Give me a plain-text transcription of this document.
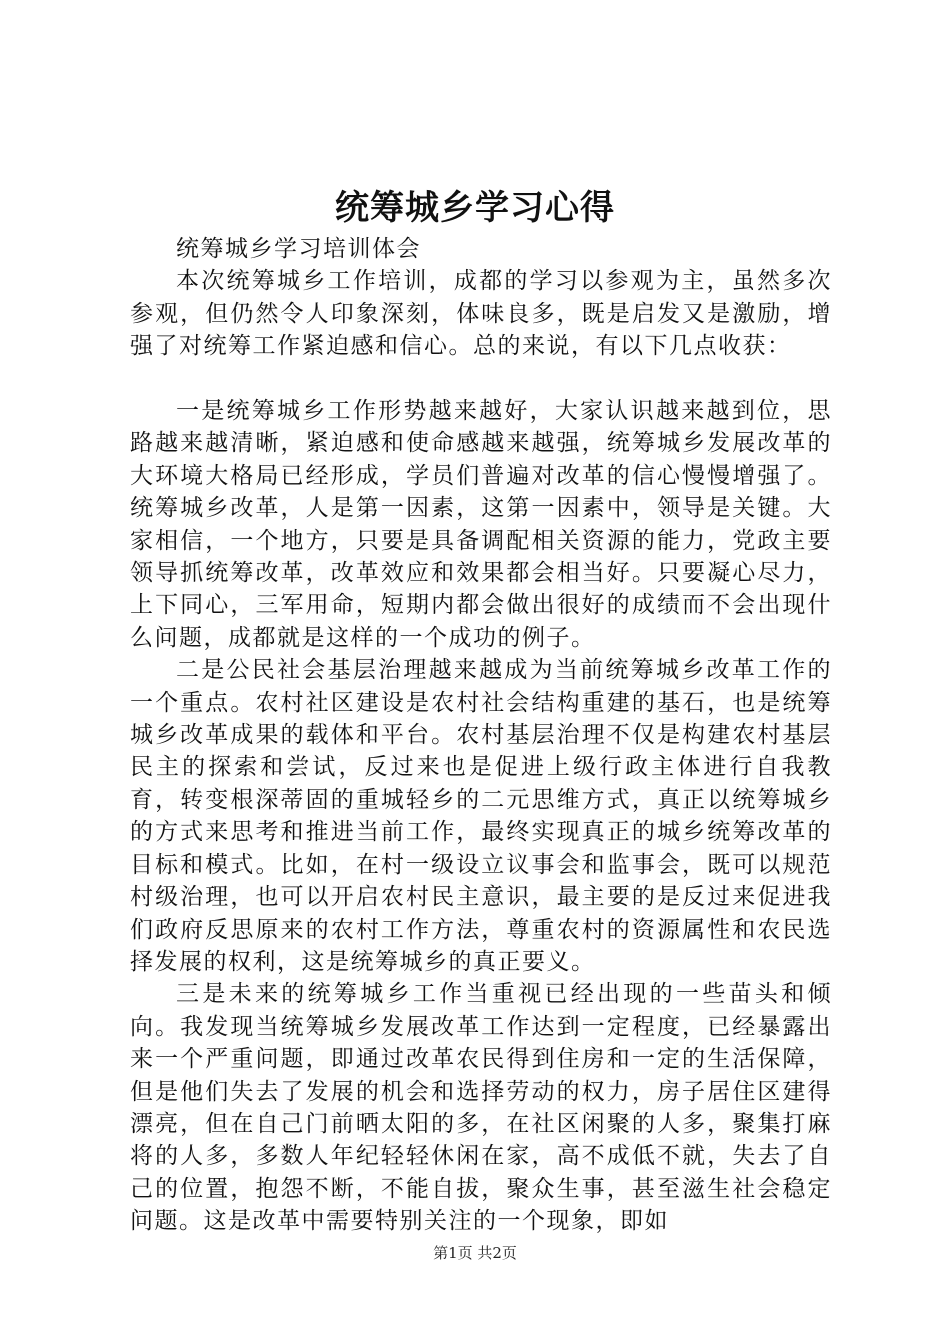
统筹城乡学习心得

统筹城乡学习培训体会

本次统筹城乡工作培训，成都的学习以参观为主，虽然多次参观，但仍然令人印象深刻，体味良多，既是启发又是激励，增强了对统筹工作紧迫感和信心。总的来说，有以下几点收获：

一是统筹城乡工作形势越来越好，大家认识越来越到位，思路越来越清晰，紧迫感和使命感越来越强，统筹城乡发展改革的大环境大格局已经形成，学员们普遍对改革的信心慢慢增强了。统筹城乡改革，人是第一因素，这第一因素中，领导是关键。大家相信，一个地方，只要是具备调配相关资源的能力，党政主要领导抓统筹改革，改革效应和效果都会相当好。只要凝心尽力，上下同心，三军用命，短期内都会做出很好的成绩而不会出现什么问题，成都就是这样的一个成功的例子。

二是公民社会基层治理越来越成为当前统筹城乡改革工作的一个重点。农村社区建设是农村社会结构重建的基石，也是统筹城乡改革成果的载体和平台。农村基层治理不仅是构建农村基层民主的探索和尝试，反过来也是促进上级行政主体进行自我教育，转变根深蒂固的重城轻乡的二元思维方式，真正以统筹城乡的方式来思考和推进当前工作，最终实现真正的城乡统筹改革的目标和模式。比如，在村一级设立议事会和监事会，既可以规范村级治理，也可以开启农村民主意识，最主要的是反过来促进我们政府反思原来的农村工作方法，尊重农村的资源属性和农民选择发展的权利，这是统筹城乡的真正要义。

三是未来的统筹城乡工作当重视已经出现的一些苗头和倾向。我发现当统筹城乡发展改革工作达到一定程度，已经暴露出来一个严重问题，即通过改革农民得到住房和一定的生活保障，但是他们失去了发展的机会和选择劳动的权力，房子居住区建得漂亮，但在自己门前晒太阳的多，在社区闲聚的人多，聚集打麻将的人多，多数人年纪轻轻休闲在家，高不成低不就，失去了自己的位置，抱怨不断，不能自拔，聚众生事，甚至滋生社会稳定问题。这是改革中需要特别关注的一个现象，即如

第1页 共2页
